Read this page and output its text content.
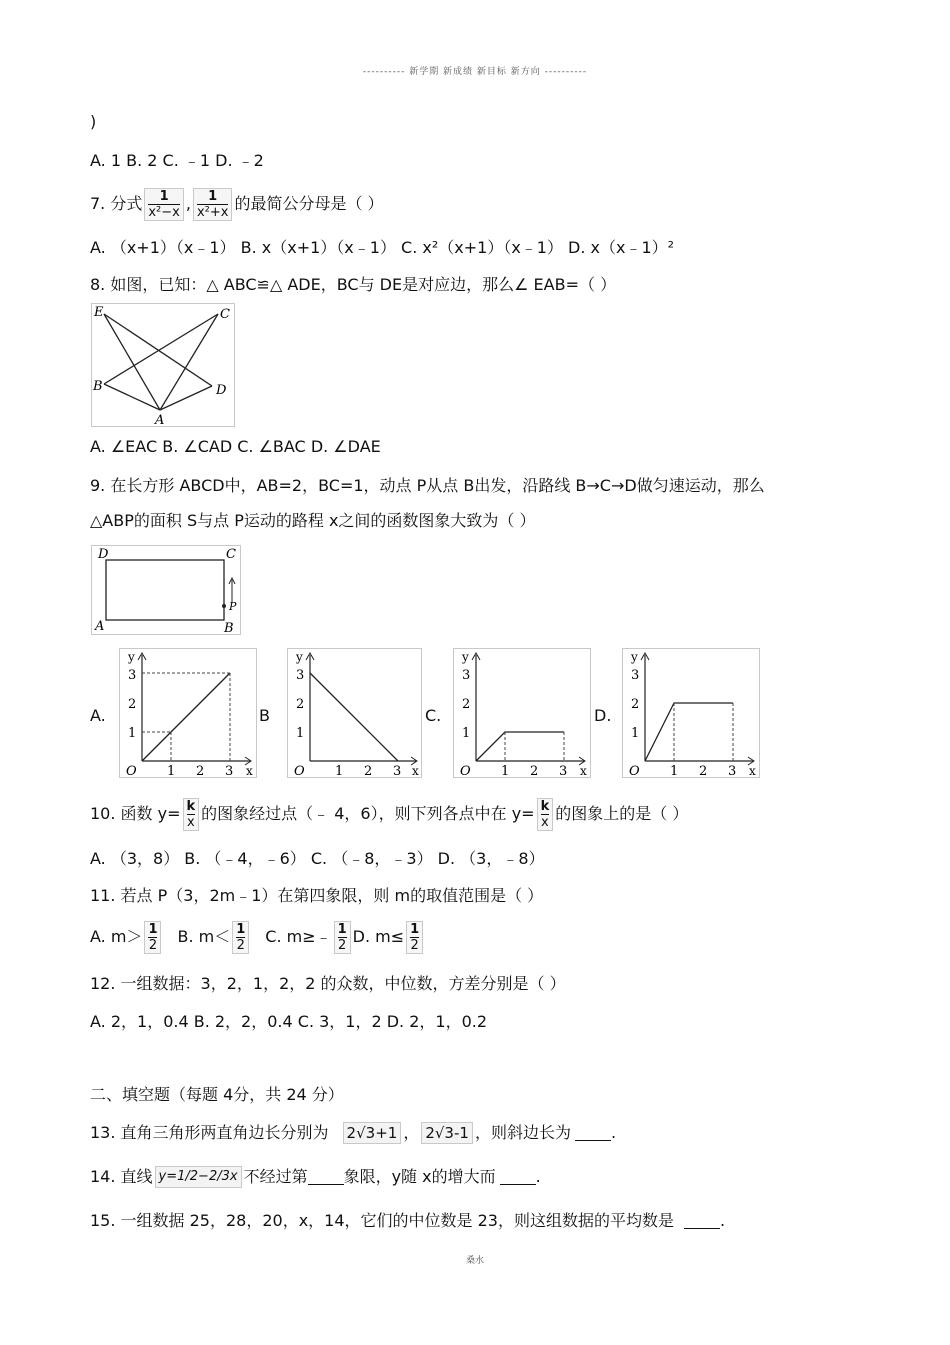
---------- 新学期 新成绩 新目标 新方向 ----------
桑水
)
A. 1 B. 2 C. ﹣1 D. ﹣2
7. 分式 $\frac{1}{\text{x²−x}}$ , $\frac{1}{\text{x²+x}}$ 的最简公分母是（ ）
A. （x+1）（x﹣1） B. x（x+1）（x﹣1） C. x²（x+1）（x﹣1） D. x（x﹣1）²
8. 如图，已知：△ ABC≌△ ADE，BC与 DE是对应边，那么∠ EAB=（ ）
E	C
B	D
A
A. ∠EAC B. ∠CAD C. ∠BAC D. ∠DAE
9. 在长方形 ABCD中，AB=2，BC=1，动点 P从点 B出发，沿路线 B→C→D做匀速运动，那么
△ABP的面积 S与点 P运动的路程 x之间的函数图象大致为（ ）
D	C
A	B
P
A.	B	C.	D.
y
x
O 1 2 3
1
2
3
y
x
O 1 2 3
1
2
3
y
x
O 1 2 3
1
2
3
y
x
O 1 2 3
1
2
3
10. 函数 $y= \frac{k}{x}$ 的图象经过点（﹣ 4，6），则下列各点中在 $y= \frac{k}{x}$ 的图象上的是（ ）
A. （3，8） B. （﹣4，﹣6） C. （﹣8，﹣3） D. （3，﹣8）
11. 若点 P（3，2m﹣1）在第四象限，则 m的取值范围是（ ）
A. $m> \frac{1}{2} B$. $m< \frac{1}{2} C$. m≥﹣ $\frac{1}{2} D$. $m\le \frac{1}{2}$
12. 一组数据：3，2，1，2，2 的众数，中位数，方差分别是（ ）
A. 2，1，0.4 B. 2，2，0.4 C. 3，1，2 D. 2，1，0.2
二、填空题（每题 4分，共 24 分）
13. 直角三角形两直角边长分别为 2√3+1 ， 2√3-1 ，则斜边长为	.
14. 直线 y=1/2−2/3x 不经过第 象限，y随 x的增大而	.
15. 一组数据 25，28，20，x，14，它们的中位数是 23，则这组数据的平均数是	.
